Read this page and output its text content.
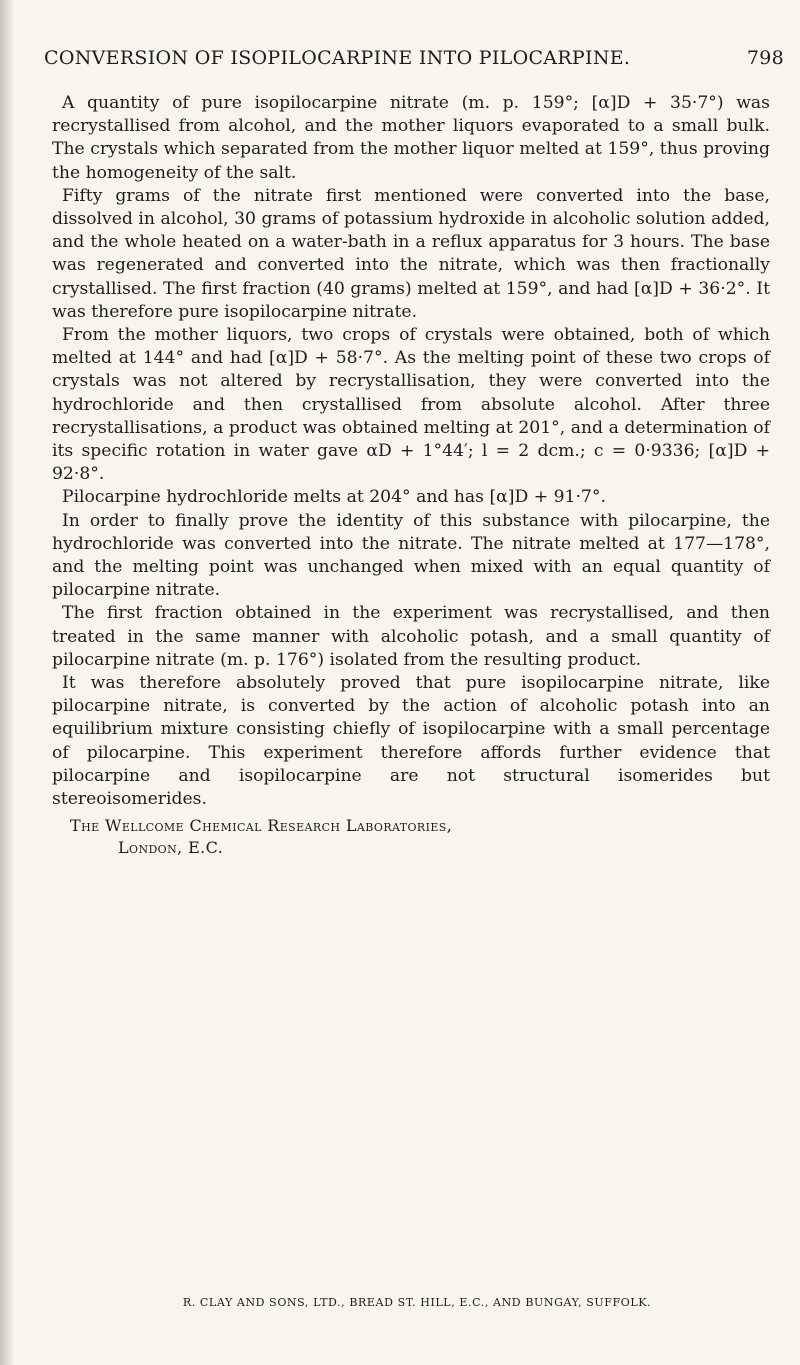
CONVERSION OF ISOPILOCARPINE INTO PILOCARPINE.	798

A quantity of pure isopilocarpine nitrate (m. p. 159°; [α]D + 35·7°) was recrystallised from alcohol, and the mother liquors evaporated to a small bulk. The crystals which separated from the mother liquor melted at 159°, thus proving the homogeneity of the salt.

Fifty grams of the nitrate first mentioned were converted into the base, dissolved in alcohol, 30 grams of potassium hydroxide in alcoholic solution added, and the whole heated on a water-bath in a reflux apparatus for 3 hours. The base was regenerated and converted into the nitrate, which was then fractionally crystallised. The first fraction (40 grams) melted at 159°, and had [α]D + 36·2°. It was therefore pure isopilocarpine nitrate.

From the mother liquors, two crops of crystals were obtained, both of which melted at 144° and had [α]D + 58·7°. As the melting point of these two crops of crystals was not altered by recrystallisation, they were converted into the hydrochloride and then crystallised from absolute alcohol. After three recrystallisations, a product was obtained melting at 201°, and a determination of its specific rotation in water gave αD + 1°44′; l = 2 dcm.; c = 0·9336; [α]D + 92·8°.

Pilocarpine hydrochloride melts at 204° and has [α]D + 91·7°.

In order to finally prove the identity of this substance with pilocarpine, the hydrochloride was converted into the nitrate. The nitrate melted at 177—178°, and the melting point was unchanged when mixed with an equal quantity of pilocarpine nitrate.

The first fraction obtained in the experiment was recrystallised, and then treated in the same manner with alcoholic potash, and a small quantity of pilocarpine nitrate (m. p. 176°) isolated from the resulting product.

It was therefore absolutely proved that pure isopilocarpine nitrate, like pilocarpine nitrate, is converted by the action of alcoholic potash into an equilibrium mixture consisting chiefly of isopilocarpine with a small percentage of pilocarpine. This experiment therefore affords further evidence that pilocarpine and isopilocarpine are not structural isomerides but stereoisomerides.

The Wellcome Chemical Research Laboratories,
London, E.C.
R. CLAY AND SONS, LTD., BREAD ST. HILL, E.C., AND BUNGAY, SUFFOLK.
